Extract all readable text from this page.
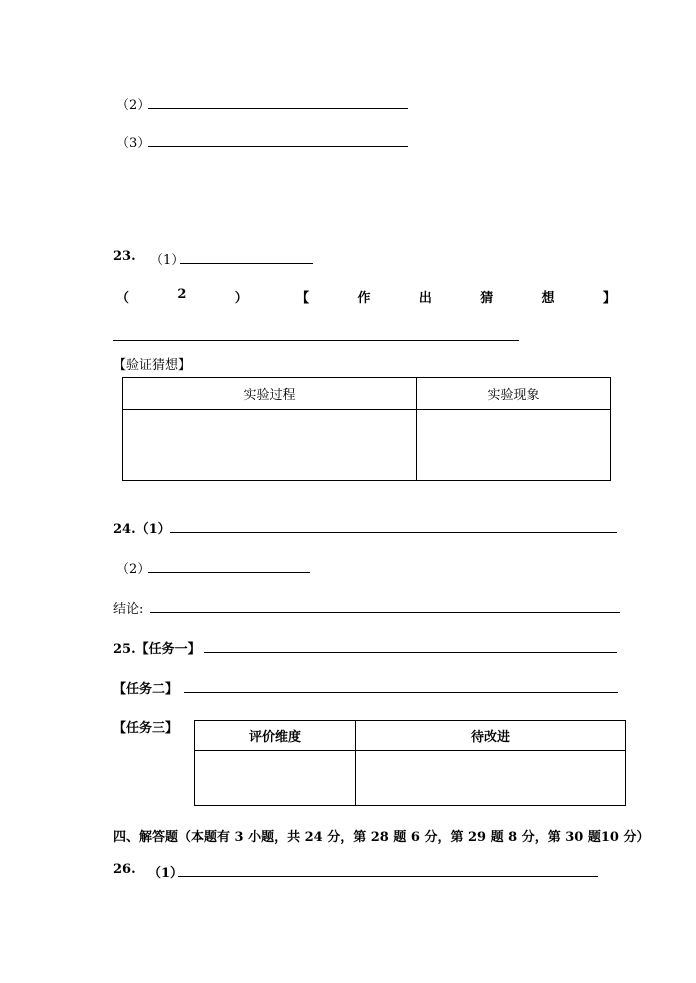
（2）
（3）
23. （1）
（	2	）	【	作	出	猜	想	】
【验证猜想】
实验过程	实验现象

24.（1）
（2）
结论:
25.【任务一】
【任务二】
【任务三】
评价维度	待改进

四、解答题（本题有 3 小题，共 24 分，第 28 题 6 分，第 29 题 8 分，第 30 题10 分）
26. （1）
